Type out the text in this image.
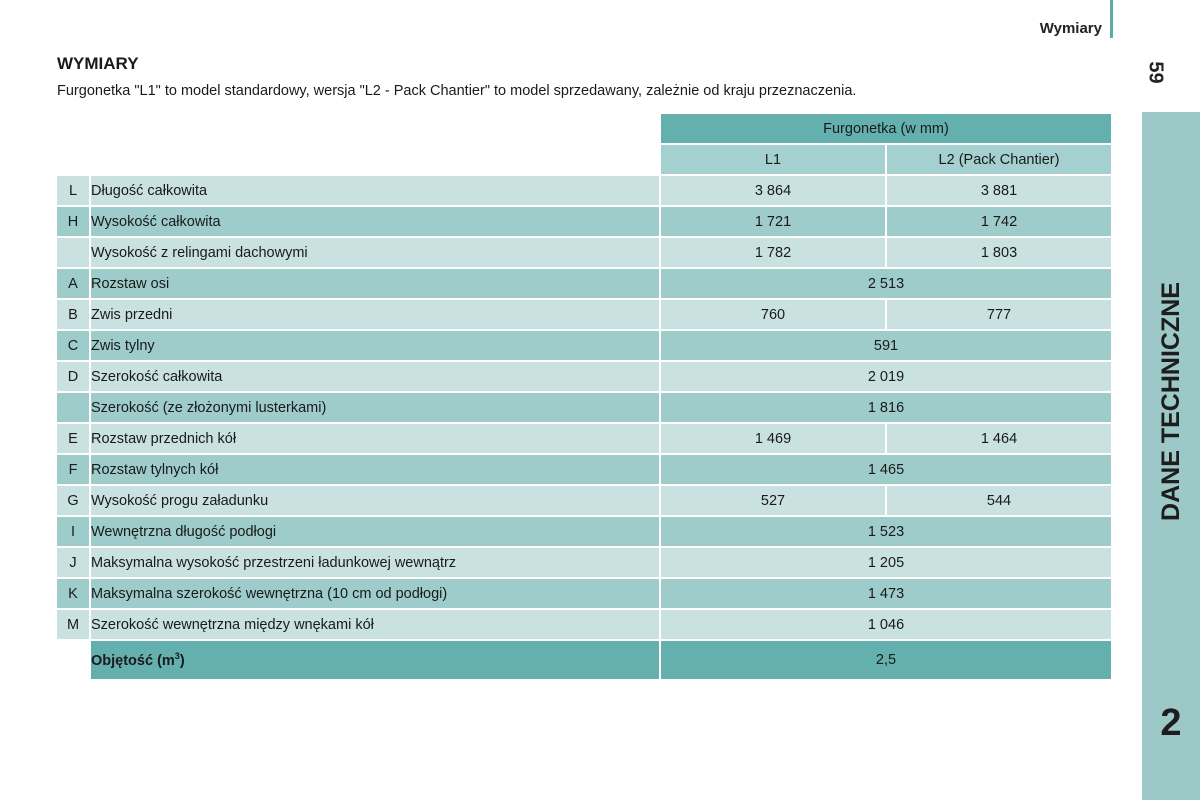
Wymiary
59
DANE TECHNICZNE
2
WYMIARY

Furgonetka "L1" to model standardowy, wersja "L2 - Pack Chantier" to model sprzedawany, zależnie od kraju przeznaczenia.

		Furgonetka (w mm)	
		L1	L2 (Pack Chantier)
L	Długość całkowita	3 864	3 881
H	Wysokość całkowita	1 721	1 742
	Wysokość z relingami dachowymi	1 782	1 803
A	Rozstaw osi	2 513	
B	Zwis przedni	760	777
C	Zwis tylny	591	
D	Szerokość całkowita	2 019	
	Szerokość (ze złożonymi lusterkami)	1 816	
E	Rozstaw przednich kół	1 469	1 464
F	Rozstaw tylnych kół	1 465	
G	Wysokość progu załadunku	527	544
I	Wewnętrzna długość podłogi	1 523	
J	Maksymalna wysokość przestrzeni ładunkowej wewnątrz	1 205	
K	Maksymalna szerokość wewnętrzna (10 cm od podłogi)	1 473	
M	Szerokość wewnętrzna między wnękami kół	1 046	
	Objętość $(m^3)$	2,5	
